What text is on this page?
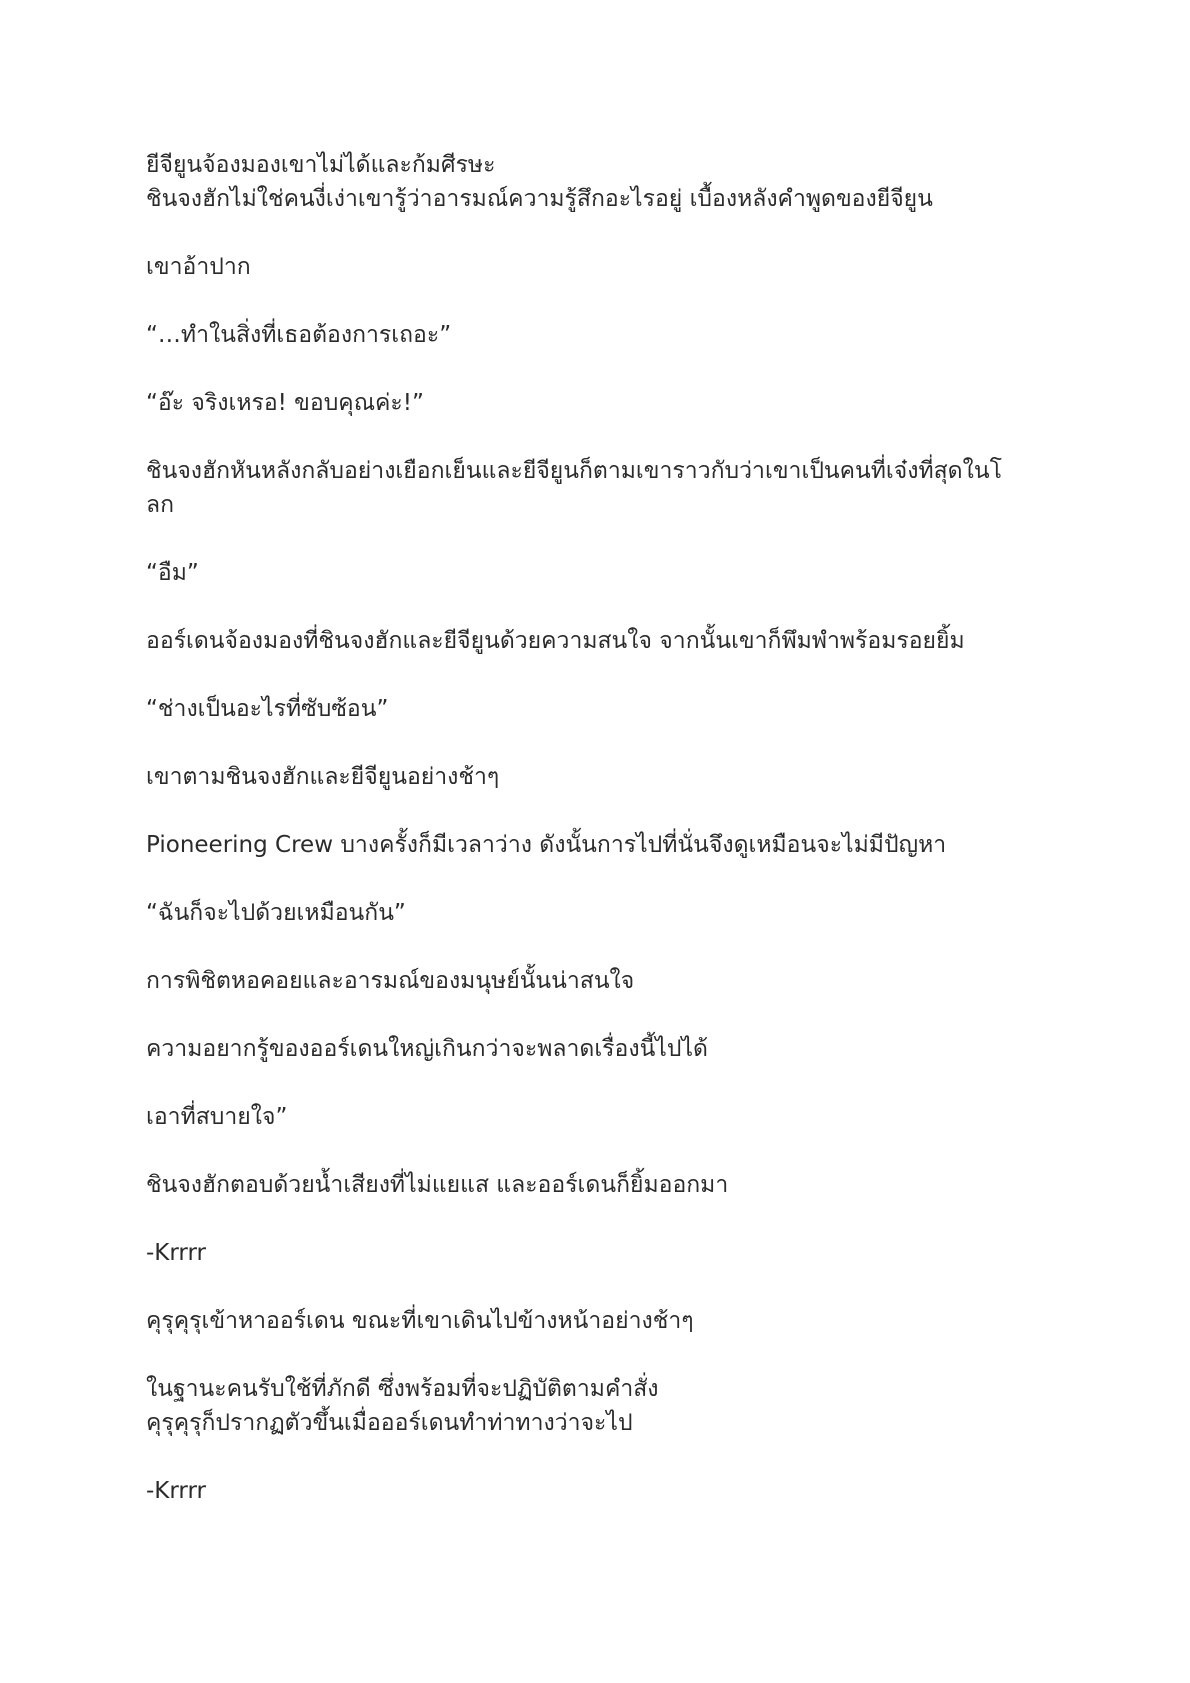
ยีจียูนจ้องมองเขาไม่ได้และก้มศีรษะ
ชินจงฮักไม่ใช่คนงี่เง่าเขารู้ว่าอารมณ์ความรู้สึกอะไรอยู่ เบื้องหลังคำพูดของยีจียูน

เขาอ้าปาก

“…ทำในสิ่งที่เธอต้องการเถอะ”

“อ๊ะ จริงเหรอ! ขอบคุณค่ะ!”

ชินจงฮักหันหลังกลับอย่างเยือกเย็นและยีจียูนก็ตามเขาราวกับว่าเขาเป็นคนที่เจ๋งที่สุดในโ
ลก

“อืม”

ออร์เดนจ้องมองที่ชินจงฮักและยีจียูนด้วยความสนใจ จากนั้นเขาก็พึมพำพร้อมรอยยิ้ม

“ช่างเป็นอะไรที่ซับซ้อน”

เขาตามชินจงฮักและยีจียูนอย่างช้าๆ

Pioneering Crew บางครั้งก็มีเวลาว่าง ดังนั้นการไปที่นั่นจึงดูเหมือนจะไม่มีปัญหา

“ฉันก็จะไปด้วยเหมือนกัน”

การพิชิตหอคอยและอารมณ์ของมนุษย์นั้นน่าสนใจ

ความอยากรู้ของออร์เดนใหญ่เกินกว่าจะพลาดเรื่องนี้ไปได้

เอาที่สบายใจ”

ชินจงฮักตอบด้วยน้ำเสียงที่ไม่แยแส และออร์เดนก็ยิ้มออกมา

-Krrrr

คุรุคุรุเข้าหาออร์เดน ขณะที่เขาเดินไปข้างหน้าอย่างช้าๆ

ในฐานะคนรับใช้ที่ภักดี ซึ่งพร้อมที่จะปฏิบัติตามคำสั่ง
คุรุคุรุก็ปรากฏตัวขึ้นเมื่อออร์เดนทำท่าทางว่าจะไป

-Krrrr
